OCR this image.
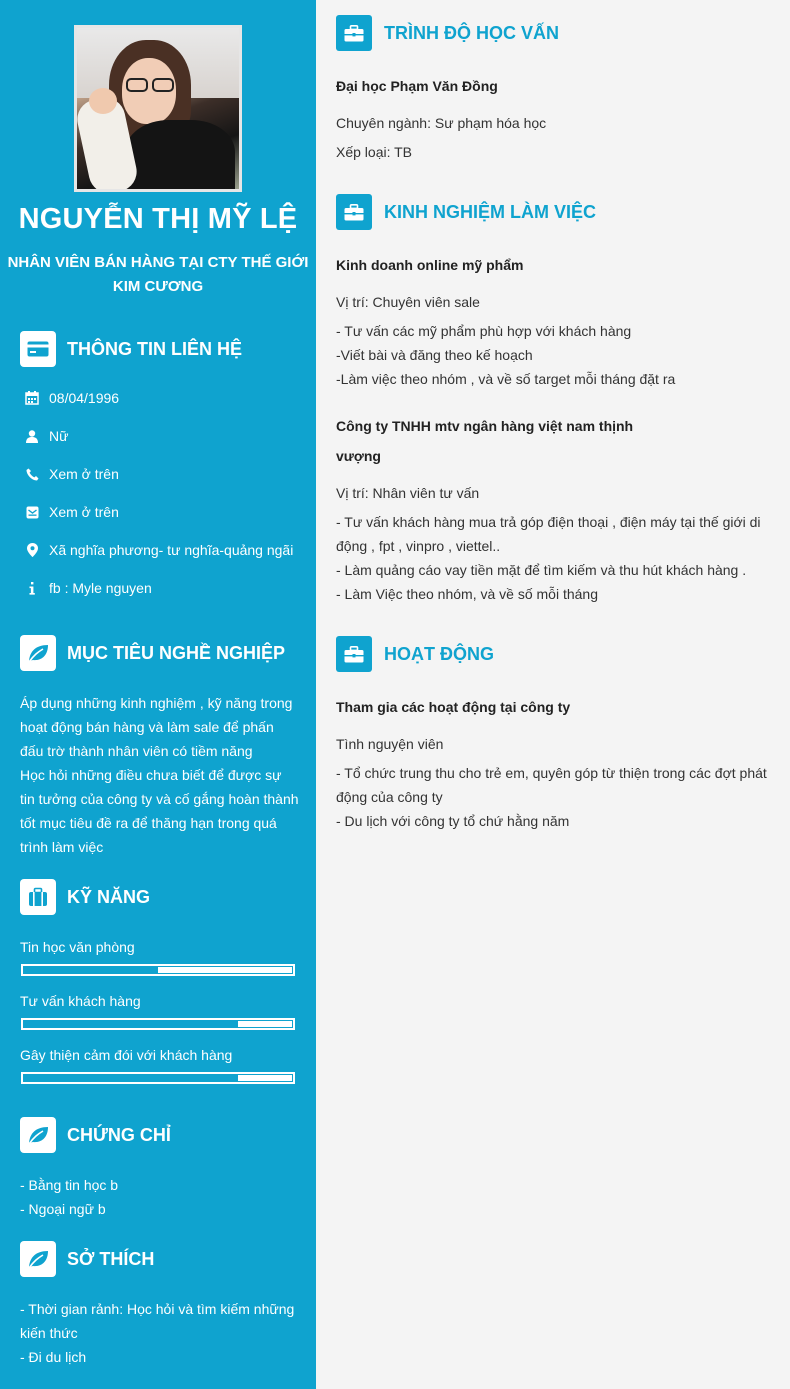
NGUYỄN THỊ MỸ LỆ
NHÂN VIÊN BÁN HÀNG TẠI CTY THẾ GIỚI KIM CƯƠNG
THÔNG TIN LIÊN HỆ
08/04/1996
Nữ
Xem ở trên
Xem ở trên
Xã nghĩa phương- tư nghĩa-quảng ngãi
fb : Myle nguyen
MỤC TIÊU NGHỀ NGHIỆP
Áp dụng những kinh nghiệm , kỹ năng trong
hoạt động bán hàng và làm sale để phấn
đấu trờ thành nhân viên có tiềm năng
Học hỏi những điều chưa biết để được sự
tin tưởng của công ty và cố gắng hoàn thành
tốt mục tiêu đề ra để thăng hạn trong quá
trình làm việc
KỸ NĂNG
Tin học văn phòng
Tư vấn khách hàng
Gây thiện cảm đói với khách hàng
CHỨNG CHỈ
- Bằng tin học b
- Ngoại ngữ b
SỞ THÍCH
- Thời gian rảnh: Học hỏi và tìm kiếm những
kiến thức
- Đi du lịch
TRÌNH ĐỘ HỌC VẤN
Đại học Phạm Văn Đồng
Chuyên ngành: Sư phạm hóa học
Xếp loại: TB
KINH NGHIỆM LÀM VIỆC
Kinh doanh online mỹ phẩm
Vị trí: Chuyên viên sale
- Tư vấn các mỹ phẩm phù hợp với khách hàng
-Viết bài và đăng theo kế hoạch
-Làm việc theo nhóm , và về số target mỗi tháng đặt ra
Công ty TNHH mtv ngân hàng việt nam thịnh
vượng
Vị trí: Nhân viên tư vấn
- Tư vấn khách hàng mua trả góp điện thoại , điện máy tại thế giới di
động , fpt , vinpro , viettel..
- Làm quảng cáo vay tiền mặt để tìm kiếm và thu hút khách hàng .
- Làm Việc theo nhóm, và về số mỗi tháng
HOẠT ĐỘNG
Tham gia các hoạt động tại công ty
Tình nguyện viên
- Tổ chức trung thu cho trẻ em, quyên góp từ thiện trong các đợt phát
động của công ty
- Du lịch với công ty tổ chứ hằng năm
